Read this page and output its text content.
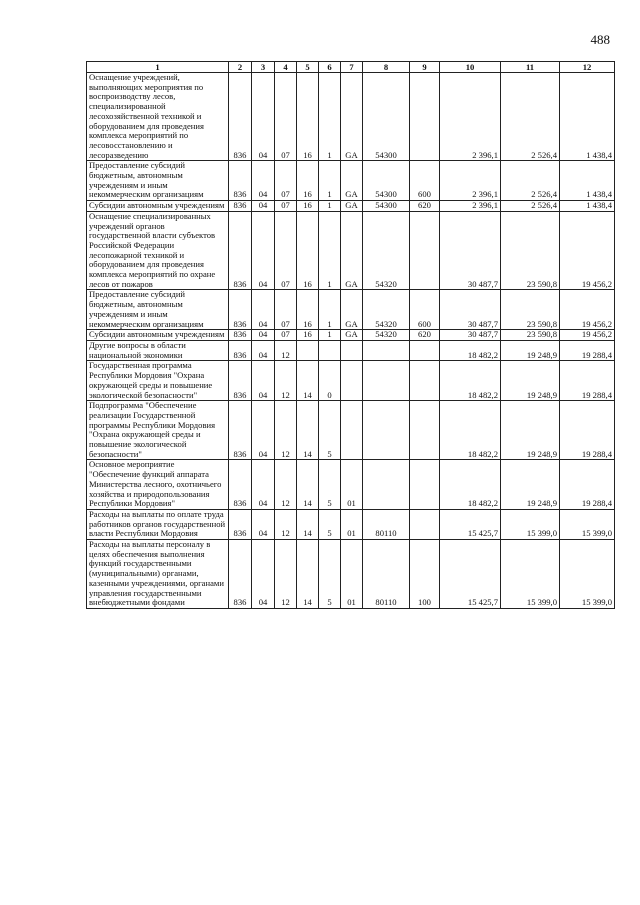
488
1	2	3	4	5	6	7	8	9	10	11	12
Оснащение учреждений, выполняющих мероприятия по воспроизводству лесов, специализированной лесохозяйственной техникой и оборудованием для проведения комплекса мероприятий по лесовосстановлению и лесоразведению	836	04	07	16	1	GA	54300		2 396,1	2 526,4	1 438,4
Предоставление субсидий бюджетным, автономным учреждениям и иным некоммерческим организациям	836	04	07	16	1	GA	54300	600	2 396,1	2 526,4	1 438,4
Субсидии автономным учреждениям	836	04	07	16	1	GA	54300	620	2 396,1	2 526,4	1 438,4
Оснащение специализированных учреждений органов государственной власти субъектов Российской Федерации лесопожарной техникой и оборудованием для проведения комплекса мероприятий по охране лесов от пожаров	836	04	07	16	1	GA	54320		30 487,7	23 590,8	19 456,2
Предоставление субсидий бюджетным, автономным учреждениям и иным некоммерческим организациям	836	04	07	16	1	GA	54320	600	30 487,7	23 590,8	19 456,2
Субсидии автономным учреждениям	836	04	07	16	1	GA	54320	620	30 487,7	23 590,8	19 456,2
Другие вопросы в области национальной экономики	836	04	12						18 482,2	19 248,9	19 288,4
Государственная программа Республики Мордовия "Охрана окружающей среды и повышение экологической безопасности"	836	04	12	14	0				18 482,2	19 248,9	19 288,4
Подпрограмма "Обеспечение реализации Государственной программы Республики Мордовия "Охрана окружающей среды и повышение экологической безопасности"	836	04	12	14	5				18 482,2	19 248,9	19 288,4
Основное мероприятие "Обеспечение функций аппарата Министерства лесного, охотничьего хозяйства и природопользования Республики Мордовия"	836	04	12	14	5	01			18 482,2	19 248,9	19 288,4
Расходы на выплаты по оплате труда работников органов государственной власти Республики Мордовия	836	04	12	14	5	01	80110		15 425,7	15 399,0	15 399,0
Расходы на выплаты персоналу в целях обеспечения выполнения функций государственными (муниципальными) органами, казенными учреждениями, органами управления государственными внебюджетными фондами	836	04	12	14	5	01	80110	100	15 425,7	15 399,0	15 399,0
